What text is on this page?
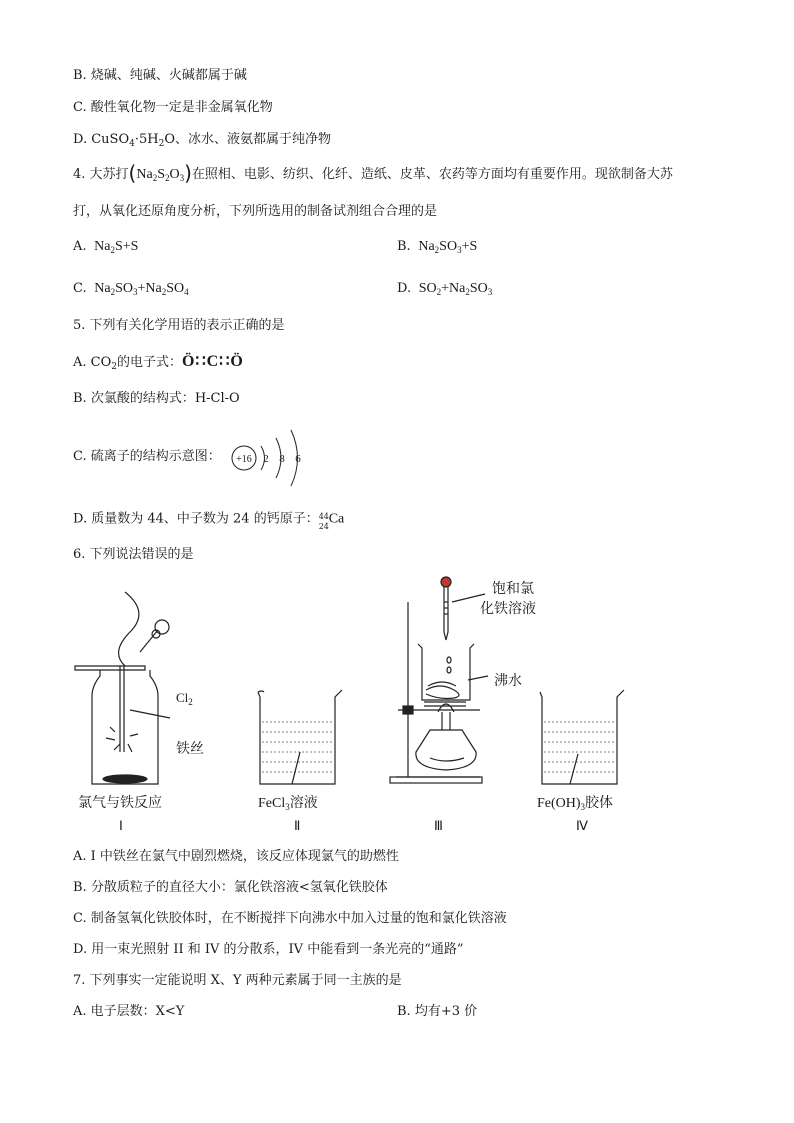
B. 烧碱、纯碱、火碱都属于碱
C. 酸性氧化物一定是非金属氧化物
D. $CuSO_4\cdot 5H_2O$、冰水、液氨都属于纯净物
4. 大苏打$(Na_2S_2O_3)$在照相、电影、纺织、化纤、造纸、皮革、农药等方面均有重要作用。现欲制备大苏
打，从氧化还原角度分析，下列所选用的制备试剂组合合理的是
A.  $Na_2S+S$	B.  $Na_2SO_3+S$
C.  $Na_2SO_3+Na_2SO_4$	D.  $SO_2+Na_2SO_3$
5. 下列有关化学用语的表示正确的是
A. $CO_2$的电子式：Ö∷C∷Ö
B. 次氯酸的结构式：H-Cl-O
C. 硫离子的结构示意图： +16 2 8 6
D. 质量数为 44、中子数为 24 的钙原子： 44
24 Ca
6. 下列说法错误的是
$Cl_2$
铁丝
氯气与铁反应	FeCl$_3$溶液
饱和氯
化铁溶液
沸水
$Fe(OH)_3$胶体
Ⅰ	Ⅱ	Ⅲ	Ⅳ
A. I 中铁丝在氯气中剧烈燃烧，该反应体现氯气的助燃性
B. 分散质粒子的直径大小：氯化铁溶液<氢氧化铁胶体
C. 制备氢氧化铁胶体时，在不断搅拌下向沸水中加入过量的饱和氯化铁溶液
D. 用一束光照射 II 和 IV 的分散系，IV 中能看到一条光亮的“通路”
7. 下列事实一定能说明 X、Y 两种元素属于同一主族的是
A. 电子层数：X<Y	B. 均有+3 价
